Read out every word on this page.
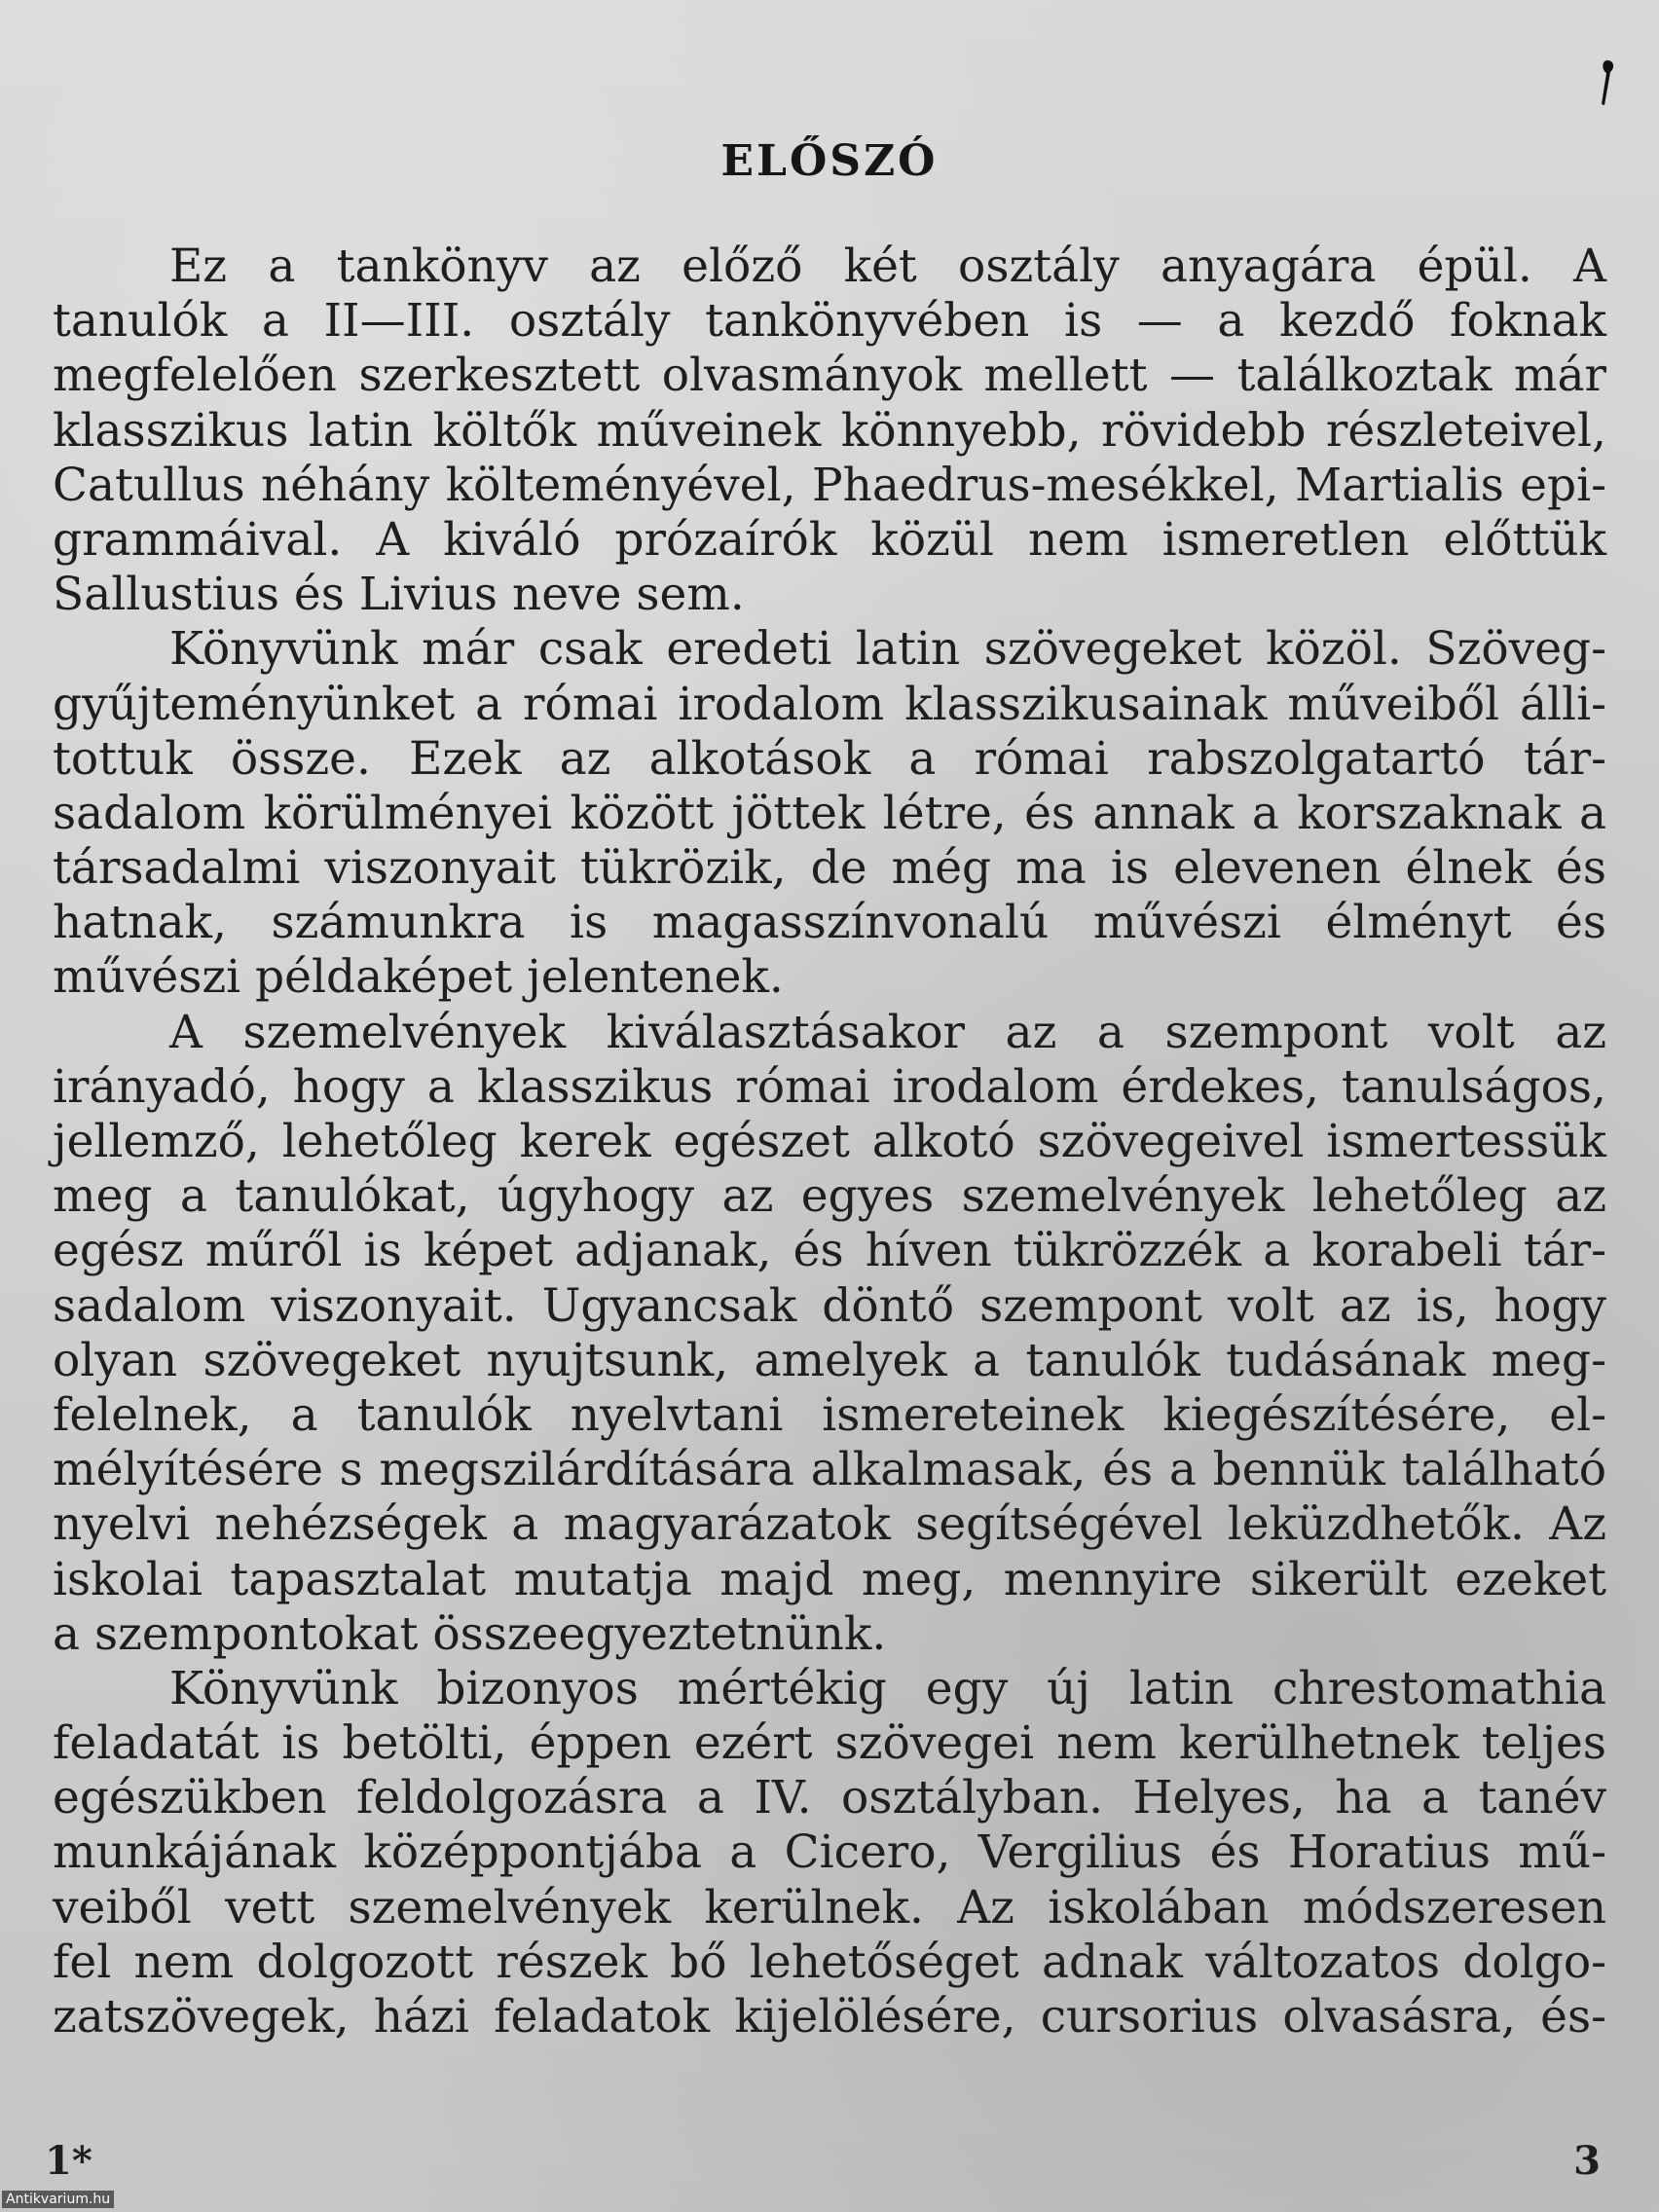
ELŐSZÓ
Ez a tankönyv az előző két osztály anyagára épül. A
tanulók a II—III. osztály tankönyvében is — a kezdő foknak
megfelelően szerkesztett olvasmányok mellett — találkoztak már
klasszikus latin költők műveinek könnyebb, rövidebb részleteivel,
Catullus néhány költeményével, Phaedrus-mesékkel, Martialis epi-
grammáival. A kiváló prózaírók közül nem ismeretlen előttük
Sallustius és Livius neve sem.
Könyvünk már csak eredeti latin szövegeket közöl. Szöveg-
gyűjteményünket a római irodalom klasszikusainak műveiből álli-
tottuk össze. Ezek az alkotások a római rabszolgatartó tár-
sadalom körülményei között jöttek létre, és annak a korszaknak a
társadalmi viszonyait tükrözik, de még ma is elevenen élnek és
hatnak, számunkra is magasszínvonalú művészi élményt és
művészi példaképet jelentenek.
A szemelvények kiválasztásakor az a szempont volt az
irányadó, hogy a klasszikus római irodalom érdekes, tanulságos,
jellemző, lehetőleg kerek egészet alkotó szövegeivel ismertessük
meg a tanulókat, úgyhogy az egyes szemelvények lehetőleg az
egész műről is képet adjanak, és híven tükrözzék a korabeli tár-
sadalom viszonyait. Ugyancsak döntő szempont volt az is, hogy
olyan szövegeket nyujtsunk, amelyek a tanulók tudásának meg-
felelnek, a tanulók nyelvtani ismereteinek kiegészítésére, el-
mélyítésére s megszilárdítására alkalmasak, és a bennük található
nyelvi nehézségek a magyarázatok segítségével leküzdhetők. Az
iskolai tapasztalat mutatja majd meg, mennyire sikerült ezeket
a szempontokat összeegyeztetnünk.
Könyvünk bizonyos mértékig egy új latin chrestomathia
feladatát is betölti, éppen ezért szövegei nem kerülhetnek teljes
egészükben feldolgozásra a IV. osztályban. Helyes, ha a tanév
munkájának középpontjába a Cicero, Vergilius és Horatius mű-
veiből vett szemelvények kerülnek. Az iskolában módszeresen
fel nem dolgozott részek bő lehetőséget adnak változatos dolgo-
zatszövegek, házi feladatok kijelölésére, cursorius olvasásra, és-
1*	3
Antikvarium.hu
